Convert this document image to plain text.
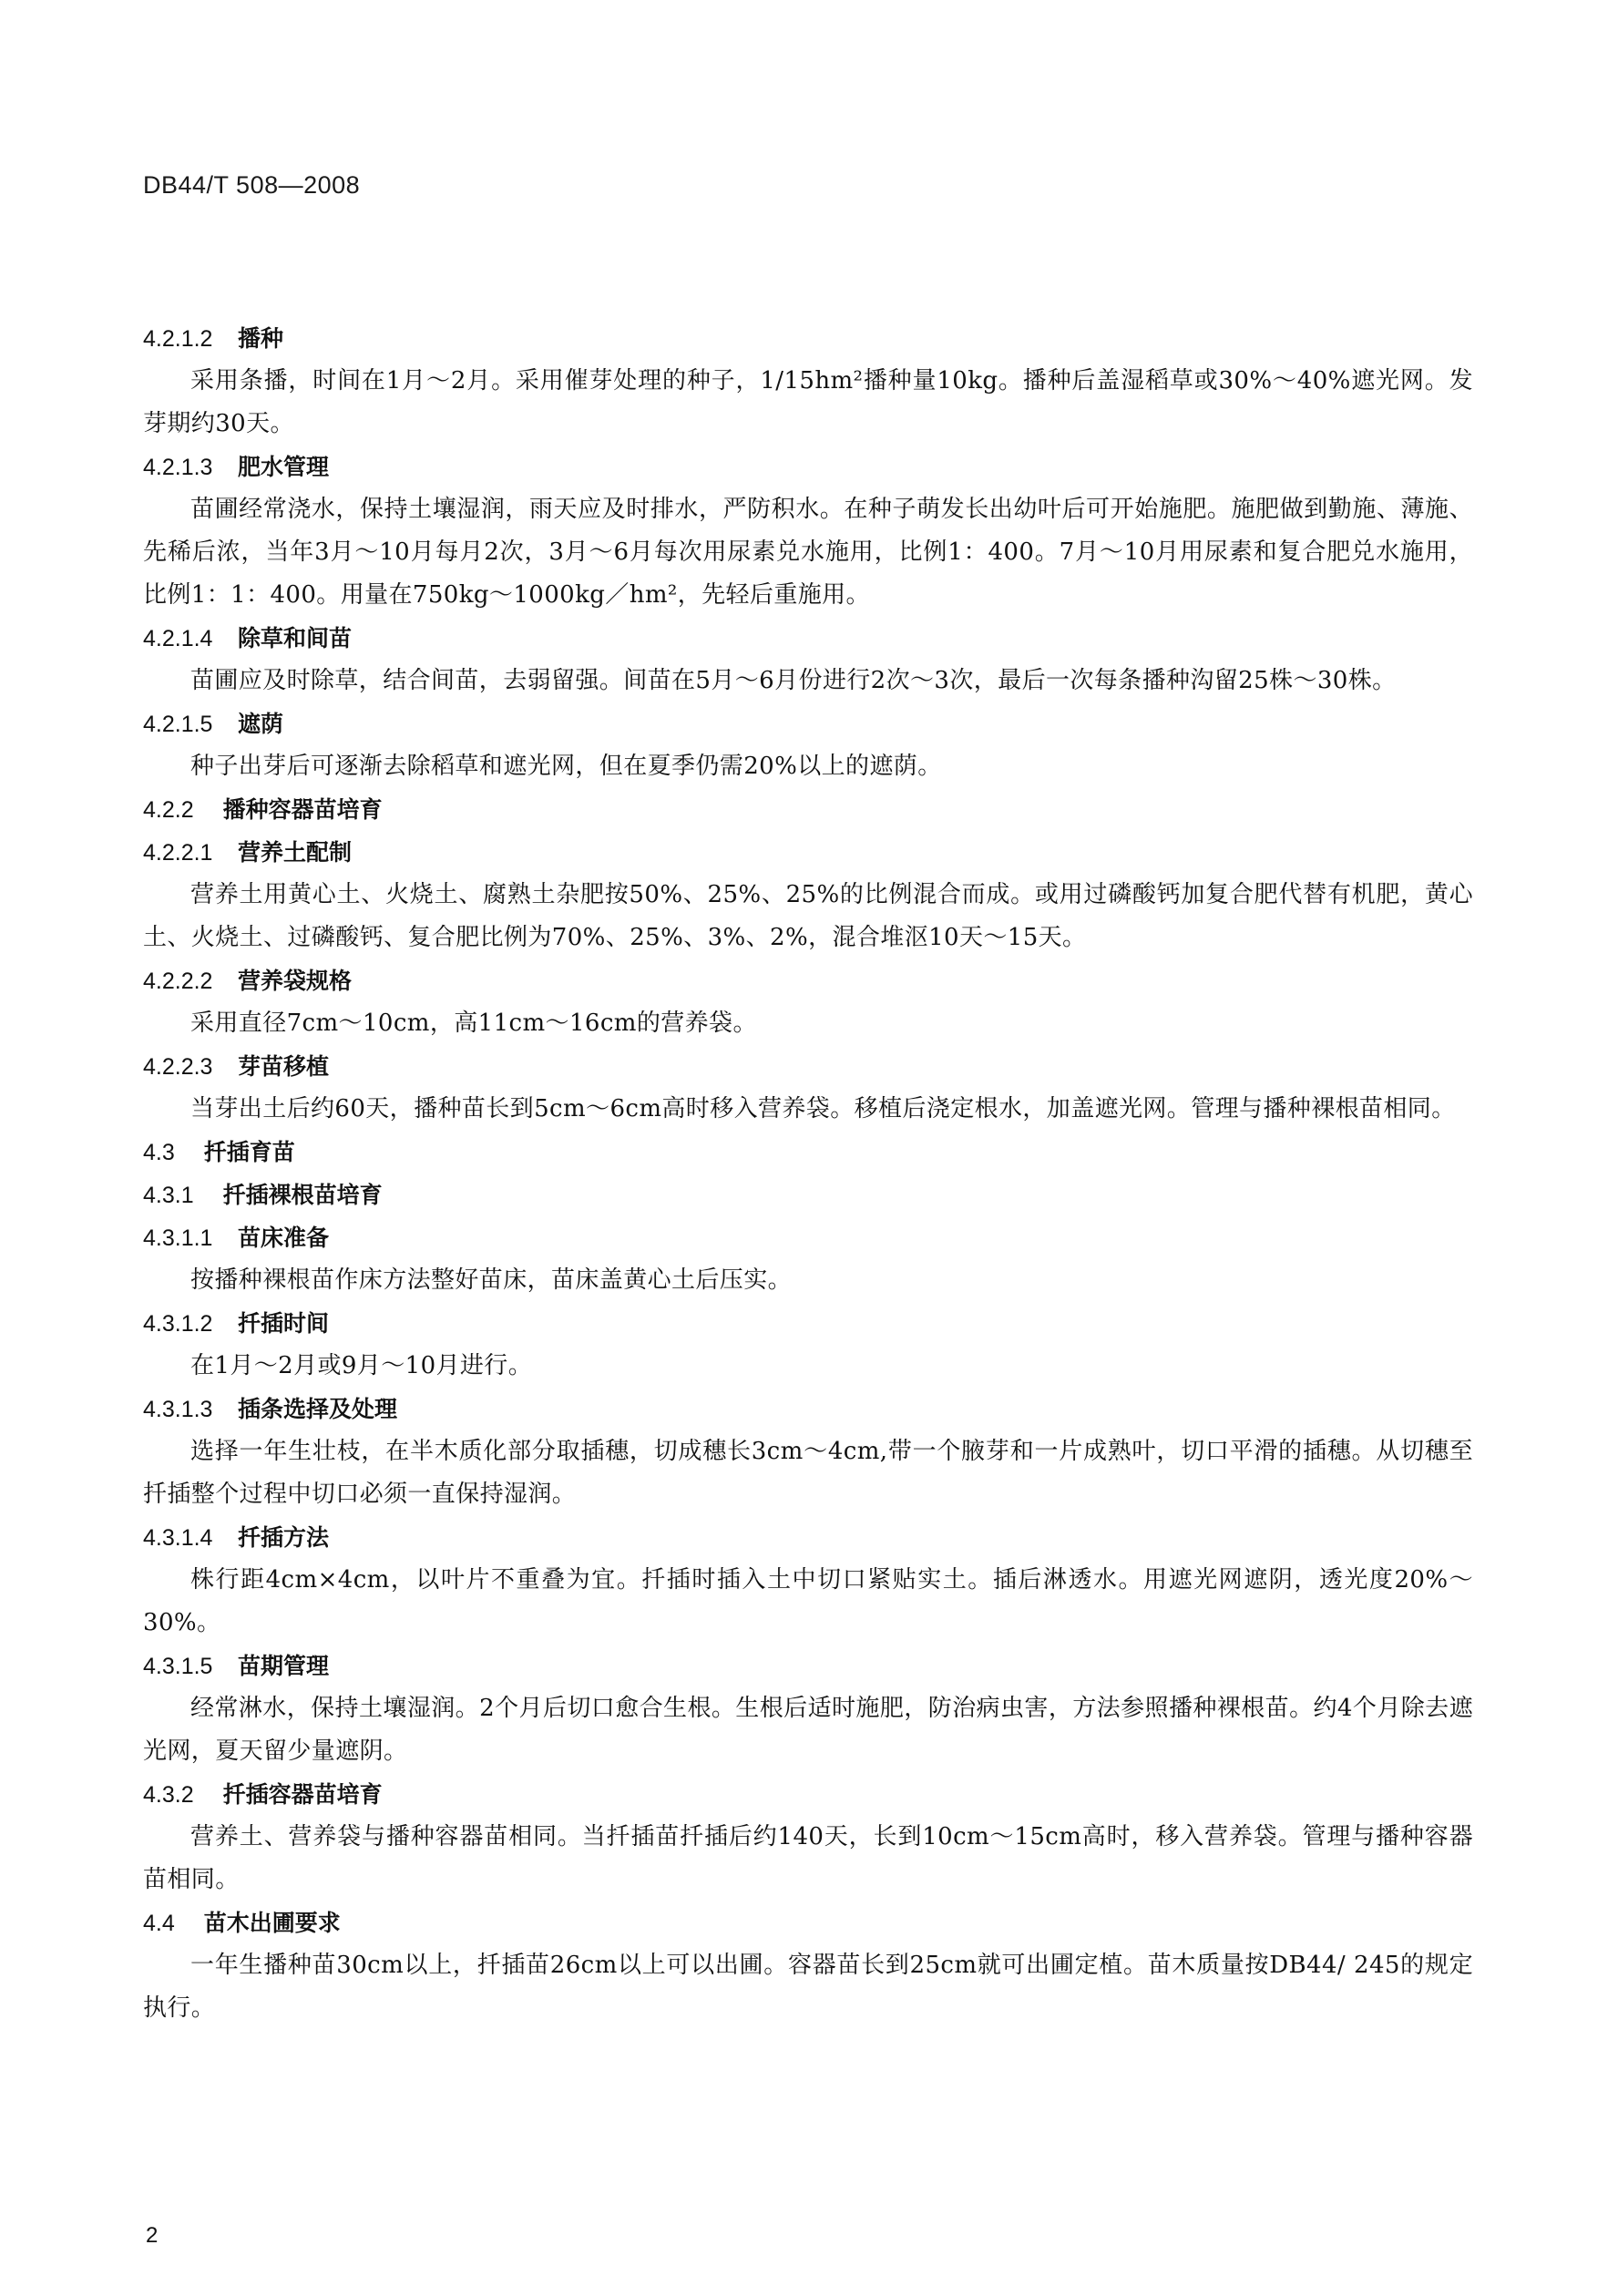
DB44/T 508—2008
4.2.1.2	播种

采用条播，时间在1月～2月。采用催芽处理的种子，1/15hm²播种量10kg。播种后盖湿稻草或30%～40%遮光网。发芽期约30天。

4.2.1.3	肥水管理

苗圃经常浇水，保持土壤湿润，雨天应及时排水，严防积水。在种子萌发长出幼叶后可开始施肥。施肥做到勤施、薄施、先稀后浓，当年3月～10月每月2次，3月～6月每次用尿素兑水施用，比例1：400。7月～10月用尿素和复合肥兑水施用，比例1：1：400。用量在750kg～1000kg／hm²，先轻后重施用。

4.2.1.4	除草和间苗

苗圃应及时除草，结合间苗，去弱留强。间苗在5月～6月份进行2次～3次，最后一次每条播种沟留25株～30株。

4.2.1.5	遮荫

种子出芽后可逐渐去除稻草和遮光网，但在夏季仍需20%以上的遮荫。

4.2.2	播种容器苗培育
4.2.2.1	营养土配制

营养土用黄心土、火烧土、腐熟土杂肥按50%、25%、25%的比例混合而成。或用过磷酸钙加复合肥代替有机肥，黄心土、火烧土、过磷酸钙、复合肥比例为70%、25%、3%、2%，混合堆沤10天～15天。

4.2.2.2	营养袋规格

采用直径7cm～10cm，高11cm～16cm的营养袋。

4.2.2.3	芽苗移植

当芽出土后约60天，播种苗长到5cm～6cm高时移入营养袋。移植后浇定根水，加盖遮光网。管理与播种裸根苗相同。

4.3	扦插育苗
4.3.1	扦插裸根苗培育
4.3.1.1	苗床准备

按播种裸根苗作床方法整好苗床，苗床盖黄心土后压实。

4.3.1.2	扦插时间

在1月～2月或9月～10月进行。

4.3.1.3	插条选择及处理

选择一年生壮枝，在半木质化部分取插穗，切成穗长3cm～4cm,带一个腋芽和一片成熟叶，切口平滑的插穗。从切穗至扦插整个过程中切口必须一直保持湿润。

4.3.1.4	扦插方法

株行距4cm×4cm，以叶片不重叠为宜。扦插时插入土中切口紧贴实土。插后淋透水。用遮光网遮阴，透光度20%～30%。

4.3.1.5	苗期管理

经常淋水，保持土壤湿润。2个月后切口愈合生根。生根后适时施肥，防治病虫害，方法参照播种裸根苗。约4个月除去遮光网，夏天留少量遮阴。

4.3.2	扦插容器苗培育

营养土、营养袋与播种容器苗相同。当扦插苗扦插后约140天，长到10cm～15cm高时，移入营养袋。管理与播种容器苗相同。

4.4	苗木出圃要求

一年生播种苗30cm以上，扦插苗26cm以上可以出圃。容器苗长到25cm就可出圃定植。苗木质量按DB44/ 245的规定执行。

2
